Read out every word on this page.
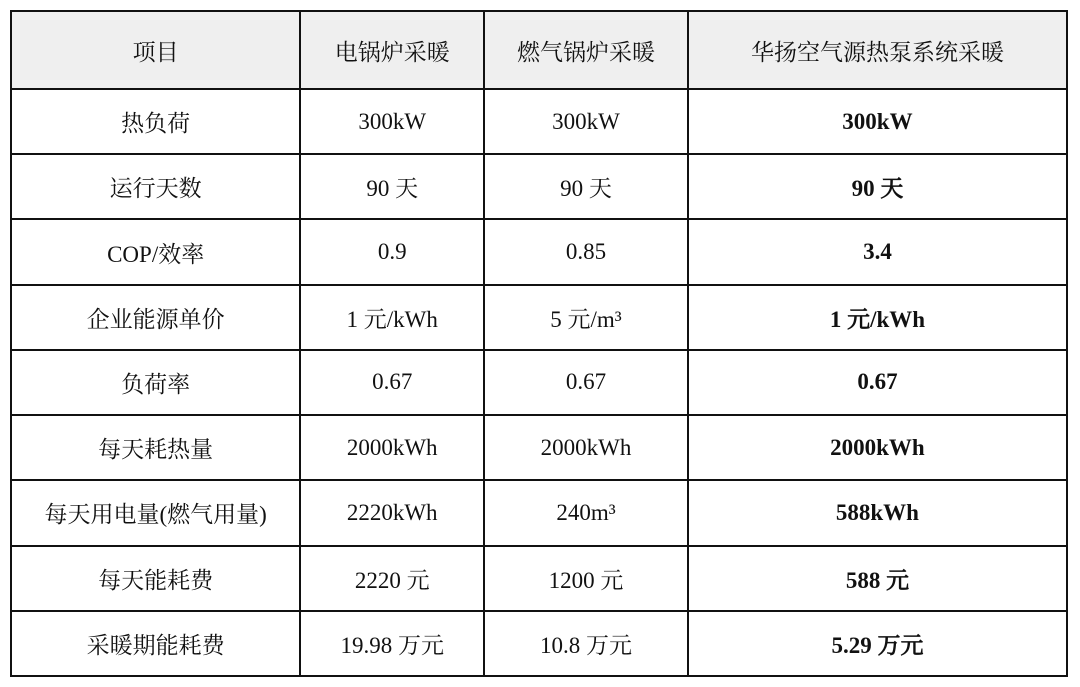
项目	电锅炉采暖	燃气锅炉采暖	华扬空气源热泵系统采暖
热负荷	300kW	300kW	300kW
运行天数	90 天	90 天	90 天
COP/效率	0.9	0.85	3.4
企业能源单价	1 元/kWh	5 元/m³	1 元/kWh
负荷率	0.67	0.67	0.67
每天耗热量	2000kWh	2000kWh	2000kWh
每天用电量(燃气用量)	2220kWh	240m³	588kWh
每天能耗费	2220 元	1200 元	588 元
采暖期能耗费	19.98 万元	10.8 万元	5.29 万元
